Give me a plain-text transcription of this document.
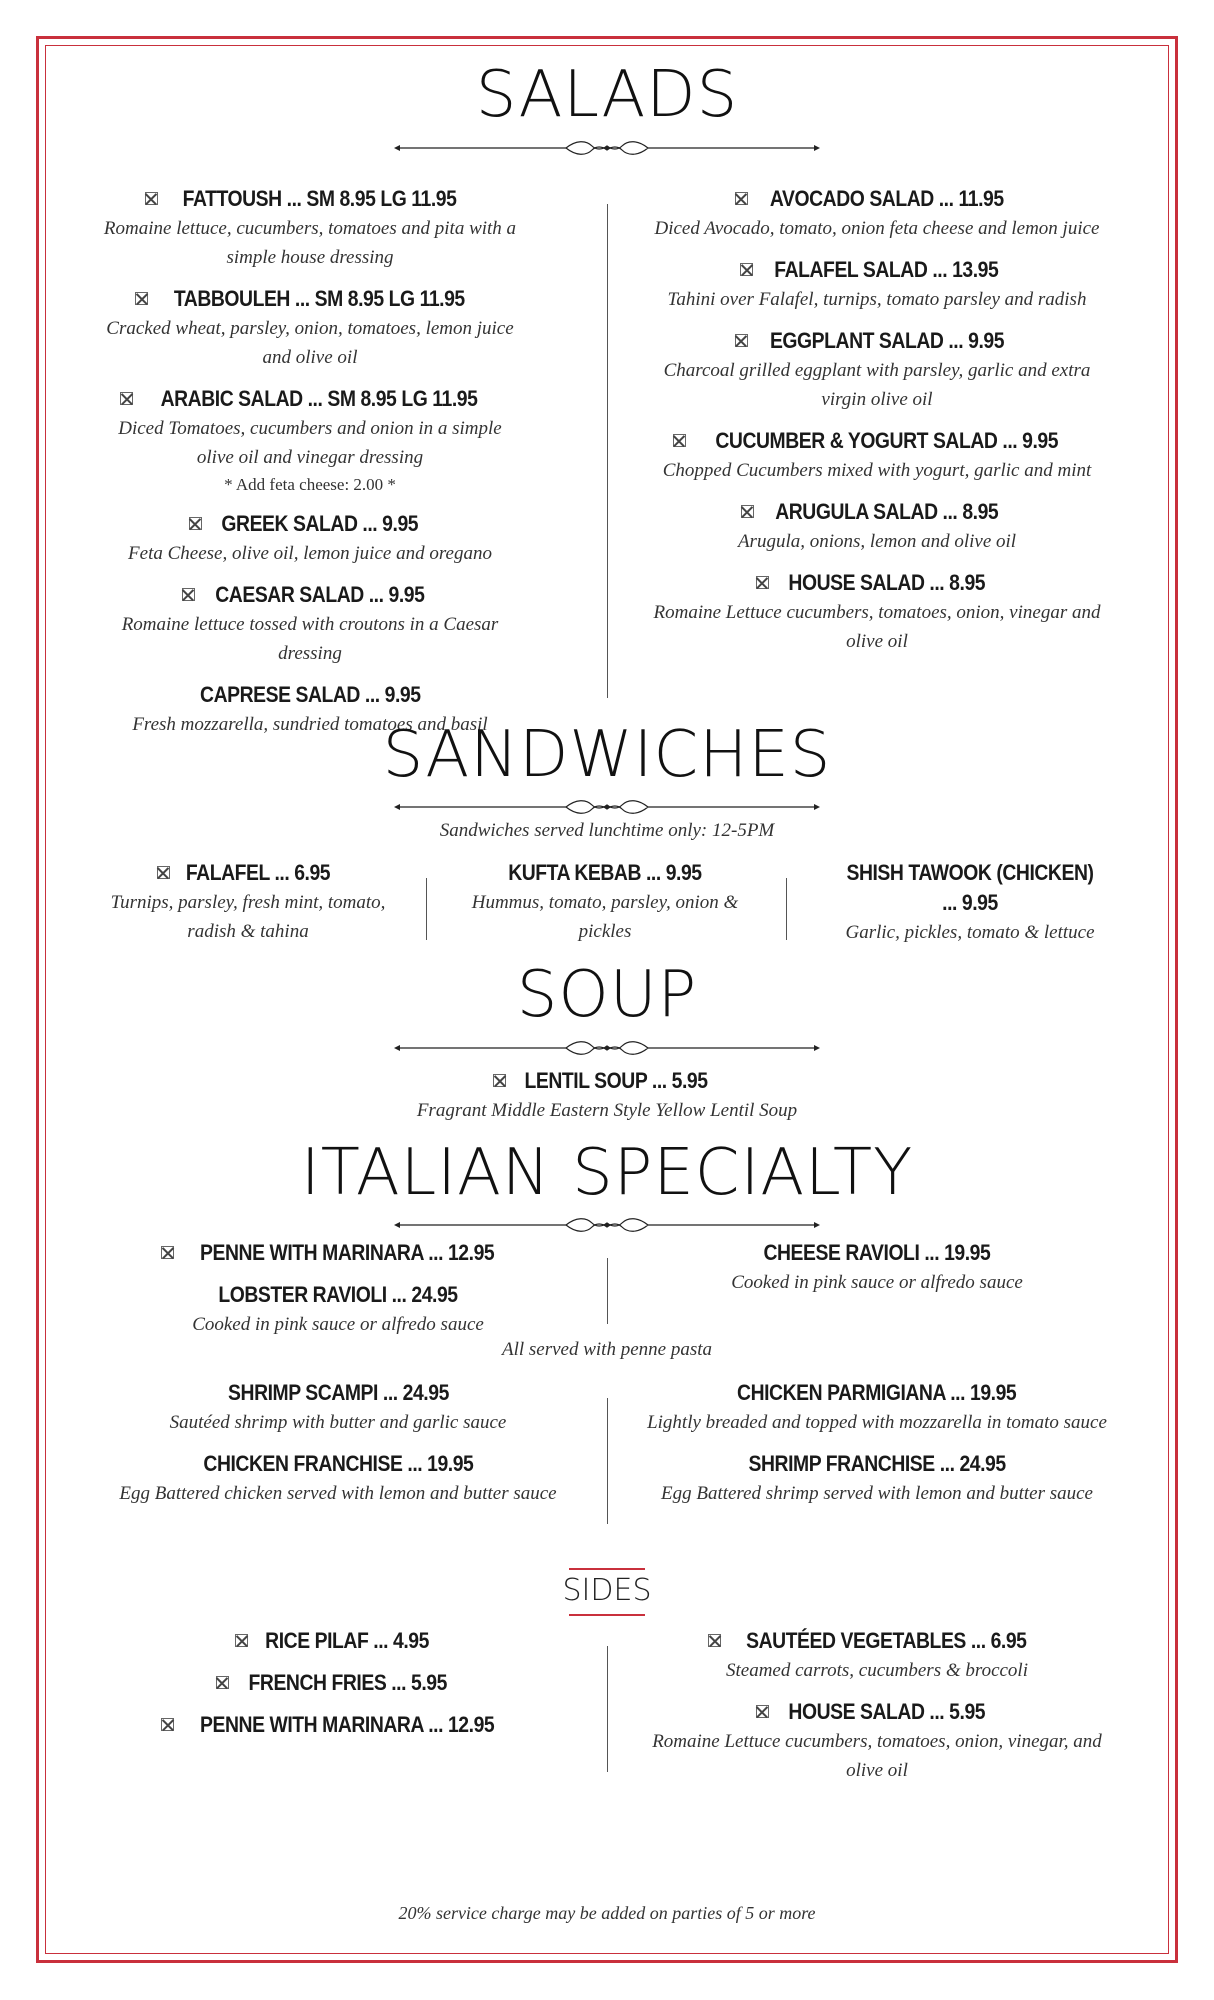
SALADS
FATTOUSH ... SM 8.95 LG 11.95
Romaine lettuce, cucumbers, tomatoes and pita with a simple house dressing
TABBOULEH ... SM 8.95 LG 11.95
Cracked wheat, parsley, onion, tomatoes, lemon juice and olive oil
ARABIC SALAD ... SM 8.95 LG 11.95
Diced Tomatoes, cucumbers and onion in a simple olive oil and vinegar dressing
* Add feta cheese: 2.00 *
GREEK SALAD ... 9.95
Feta Cheese, olive oil, lemon juice and oregano
CAESAR SALAD ... 9.95
Romaine lettuce tossed with croutons in a Caesar dressing
CAPRESE SALAD ... 9.95
Fresh mozzarella, sundried tomatoes and basil
AVOCADO SALAD ... 11.95
Diced Avocado, tomato, onion feta cheese and lemon juice
FALAFEL SALAD ... 13.95
Tahini over Falafel, turnips, tomato parsley and radish
EGGPLANT SALAD ... 9.95
Charcoal grilled eggplant with parsley, garlic and extra virgin olive oil
CUCUMBER & YOGURT SALAD ... 9.95
Chopped Cucumbers mixed with yogurt, garlic and mint
ARUGULA SALAD ... 8.95
Arugula, onions, lemon and olive oil
HOUSE SALAD ... 8.95
Romaine Lettuce cucumbers, tomatoes, onion, vinegar and olive oil
SANDWICHES
Sandwiches served lunchtime only: 12-5PM
FALAFEL ... 6.95
Turnips, parsley, fresh mint, tomato, radish & tahina
KUFTA KEBAB ... 9.95
Hummus, tomato, parsley, onion & pickles
SHISH TAWOOK (CHICKEN) ... 9.95
Garlic, pickles, tomato & lettuce
SOUP
LENTIL SOUP ... 5.95
Fragrant Middle Eastern Style Yellow Lentil Soup
ITALIAN SPECIALTY
PENNE WITH MARINARA ... 12.95
LOBSTER RAVIOLI ... 24.95
Cooked in pink sauce or alfredo sauce
CHEESE RAVIOLI ... 19.95
Cooked in pink sauce or alfredo sauce
All served with penne pasta
SHRIMP SCAMPI ... 24.95
Sautéed shrimp with butter and garlic sauce
CHICKEN FRANCHISE ... 19.95
Egg Battered chicken served with lemon and butter sauce
CHICKEN PARMIGIANA ... 19.95
Lightly breaded and topped with mozzarella in tomato sauce
SHRIMP FRANCHISE ... 24.95
Egg Battered shrimp served with lemon and butter sauce
SIDES
RICE PILAF ... 4.95
FRENCH FRIES ... 5.95
PENNE WITH MARINARA ... 12.95
SAUTÉED VEGETABLES ... 6.95
Steamed carrots, cucumbers & broccoli
HOUSE SALAD ... 5.95
Romaine Lettuce cucumbers, tomatoes, onion, vinegar, and olive oil
20% service charge may be added on parties of 5 or more
